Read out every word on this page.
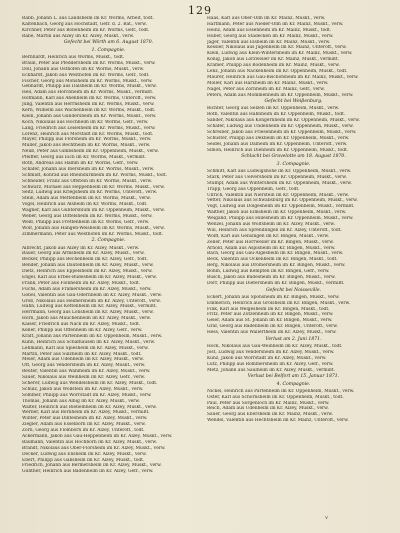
129
Rabb, Johann L. aus Landsheim im Kr. Worms, Arbeit, todt.
Kaltenbach, Georg aus Höchstädt, Gefr. d. 2. Bat., verw.
Kirchner, Peter aus Bobenheim im Kr. Worms, Gefr., todt.
Rabe, Martin aus Alzey im Kr. Alzey, Muskt., verw.
Gefecht bei Wörth am 6. August 1870.
1. Compagnie.
Bernhardt, Heinrich aus Worms, Muskt., todt.
Braun, Peter aus Pfeddersheim im Kr. Worms, Muskt., verw.
Doll, Johann aus Osthofen im Kr. Worms, Muskt., verw.
Eckhardt, Jakob aus Westhofen im Kr. Worms, Gefr., todt.
Fischer, Georg aus Monsheim im Kr. Worms, Muskt., verw.
Gebhardt, Philipp aus Dalsheim im Kr. Worms, Muskt., verw.
Heil, Adam aus Horchheim im Kr. Worms, Muskt., vermißt.
Hofmann, Karl aus Abenheim im Kr. Worms, Unteroff., verw.
Jung, Valentin aus Herrnsheim im Kr. Worms, Muskt., verw.
Kern, Wilhelm aus Wachenheim im Kr. Worms, Muskt., todt.
Klein, Johann aus Gundersheim im Kr. Worms, Muskt., verw.
Koch, Nikolaus aus Hochheim im Kr. Worms, Gefr., verw.
Lang, Friedrich aus Leiselheim im Kr. Worms, Muskt., verw.
Lorenz, Heinrich aus Mörstadt im Kr. Worms, Muskt., todt.
Mayer, Philipp aus Flörsheim im Kr. Worms, Muskt., verw.
Müller, Jakob aus Bechtheim im Kr. Worms, Muskt., verw.
Neuß, Peter aus Gimbsheim im Kr. Oppenheim, Muskt., verw.
Pfeiffer, Georg aus Eich im Kr. Worms, Muskt., vermißt.
Roth, Andreas aus Hamm im Kr. Worms, Gefr., verw.
Schäfer, Johann aus Ibersheim im Kr. Worms, Muskt., verw.
Schmidt, Konrad aus Rheindürkheim im Kr. Worms, Muskt., todt.
Schneider, Franz aus Offstein im Kr. Worms, Muskt., verw.
Schwarz, Michael aus Heppenheim im Kr. Worms, Muskt., verw.
Seitz, Ludwig aus Kriegsheim im Kr. Worms, Unteroff., verw.
Stein, Adam aus Mettenheim im Kr. Worms, Muskt., verw.
Vogel, Heinrich aus Alsheim im Kr. Worms, Muskt., todt.
Wagner, Karl aus Guntersblum im Kr. Oppenheim, Muskt., verw.
Weber, Georg aus Dittelsheim im Kr. Worms, Muskt., verw.
Weiß, Philipp aus Frettenheim im Kr. Worms, Gefr., verw.
Wolf, Johann aus Hangen-Weisheim im Kr. Worms, Muskt., verw.
Zimmermann, Peter aus Westhofen im Kr. Worms, Muskt., todt.
2. Compagnie.
Albrecht, Jakob aus Alzey im Kr. Alzey, Muskt., verw.
Bauer, Georg aus Armsheim im Kr. Alzey, Muskt., verw.
Becker, Philipp aus Bechenheim im Kr. Alzey, Gefr., todt.
Bender, Johann aus Dautenheim im Kr. Alzey, Muskt., verw.
Dietz, Heinrich aus Eppelsheim im Kr. Alzey, Muskt., verw.
Engel, Karl aus Erbes-Büdesheim im Kr. Alzey, Muskt., verw.
Frank, Peter aus Flonheim im Kr. Alzey, Muskt., todt.
Fuchs, Adam aus Framersheim im Kr. Alzey, Muskt., verw.
Göbel, Valentin aus Gau-Odernheim im Kr. Alzey, Muskt., verw.
Groß, Nikolaus aus Heimersheim im Kr. Alzey, Unteroff., verw.
Hahn, Ludwig aus Kettenheim im Kr. Alzey, Muskt., vermißt.
Herrmann, Georg aus Lonsheim im Kr. Alzey, Muskt., verw.
Horn, Jakob aus Mauchenheim im Kr. Alzey, Muskt., verw.
Kaiser, Friedrich aus Nack im Kr. Alzey, Muskt., todt.
Keller, Philipp aus Offenheim im Kr. Alzey, Gefr., verw.
Kraft, Johann aus Partenheim im Kr. Oppenheim, Muskt., verw.
Kühn, Heinrich aus Schafhausen im Kr. Alzey, Muskt., verw.
Lehmann, Karl aus Spiesheim im Kr. Alzey, Muskt., verw.
Martin, Peter aus Sulzheim im Kr. Alzey, Muskt., todt.
Meier, Adam aus Udenheim im Kr. Alzey, Muskt., verw.
Ott, Georg aus Vendersheim im Kr. Alzey, Muskt., verw.
Reuter, Valentin aus Wahlheim im Kr. Alzey, Muskt., verw.
Sauer, Nikolaus aus Weinheim im Kr. Alzey, Gefr., verw.
Scherer, Ludwig aus Wendelsheim im Kr. Alzey, Muskt., todt.
Schulz, Jakob aus Wöllstein im Kr. Alzey, Muskt., verw.
Sommer, Philipp aus Wörrstadt im Kr. Alzey, Muskt., verw.
Thomas, Johann aus Albig im Kr. Alzey, Muskt., verw.
Walter, Heinrich aus Biebelnheim im Kr. Alzey, Muskt., verw.
Werner, Karl aus Bornheim im Kr. Alzey, Muskt., vermißt.
Winter, Peter aus Dintesheim im Kr. Alzey, Muskt., verw.
Ziegler, Adam aus Esselborn im Kr. Alzey, Muskt., verw.
Zorn, Georg aus Flomborn im Kr. Alzey, Unteroff., todt.
Ackermann, Jakob aus Gau-Heppenheim im Kr. Alzey, Muskt., verw.
Baumann, Valentin aus Hochborn im Kr. Alzey, Muskt., verw.
Brandt, Nikolaus aus Ober-Flörsheim im Kr. Alzey, Muskt., verw.
Decker, Ludwig aus Ensheim im Kr. Alzey, Muskt., verw.
Ebert, Philipp aus Gabsheim im Kr. Alzey, Muskt., todt.
Friedrich, Johann aus Bermersheim im Kr. Alzey, Muskt., verw.
Günther, Heinrich aus Badenheim im Kr. Alzey, Gefr., verw.
Haas, Karl aus Ober-Olm im Kr. Mainz, Muskt., verw.
Hartmann, Peter aus Nieder-Olm im Kr. Mainz, Muskt., verw.
Heinz, Adam aus Essenheim im Kr. Mainz, Muskt., todt.
Huber, Georg aus Stadecken im Kr. Mainz, Muskt., verw.
Jäger, Valentin aus Elsheim im Kr. Mainz, Muskt., verw.
Kessler, Nikolaus aus Jugenheim im Kr. Mainz, Unteroff., verw.
Klein, Ludwig aus Klein-Winternheim im Kr. Mainz, Muskt., verw.
König, Jakob aus Lörzweiler im Kr. Mainz, Muskt., vermißt.
Krämer, Philipp aus Bodenheim im Kr. Mainz, Muskt., verw.
Lenz, Johann aus Nackenheim im Kr. Oppenheim, Muskt., todt.
Maurer, Heinrich aus Gau-Bischofsheim im Kr. Mainz, Muskt., verw.
Möller, Karl aus Harxheim im Kr. Mainz, Muskt., verw.
Nagel, Peter aus Zornheim im Kr. Mainz, Gefr., verw.
Peters, Adam aus Mommenheim im Kr. Oppenheim, Muskt., verw.
Gefecht bei Weißenburg.
Richter, Georg aus Selzen im Kr. Oppenheim, Muskt., verw.
Roth, Valentin aus Hahnheim im Kr. Oppenheim, Muskt., todt.
Sander, Nikolaus aus Köngernheim im Kr. Oppenheim, Muskt., verw.
Schäfer, Ludwig aus Undenheim im Kr. Oppenheim, Muskt., verw.
Schreiber, Jakob aus Friesenheim im Kr. Oppenheim, Muskt., verw.
Schuster, Philipp aus Dexheim im Kr. Oppenheim, Muskt., verw.
Seidel, Johann aus Dalheim im Kr. Oppenheim, Unteroff., verw.
Simon, Heinrich aus Dienheim im Kr. Oppenheim, Muskt., todt.
Schlacht bei Gravelotte am 18. August 1870.
3. Compagnie.
Schmitt, Karl aus Ludwigshöhe im Kr. Oppenheim, Muskt., verw.
Stark, Peter aus Uelversheim im Kr. Oppenheim, Muskt., verw.
Stumpf, Adam aus Wintersheim im Kr. Oppenheim, Muskt., verw.
Trapp, Georg aus Oppenheim, Gefr., todt.
Ullrich, Valentin aus Nierstein im Kr. Oppenheim, Muskt., verw.
Vetter, Nikolaus aus Schwabsburg im Kr. Oppenheim, Muskt., verw.
Vogt, Ludwig aus Dolgesheim im Kr. Oppenheim, Muskt., vermißt.
Walther, Jakob aus Eimsheim im Kr. Oppenheim, Muskt., verw.
Weigand, Philipp aus Hillesheim im Kr. Oppenheim, Muskt., verw.
Wenzel, Johann aus Wolfsheim im Kr. Alzey, Muskt., verw.
Will, Heinrich aus Sprendlingen im Kr. Alzey, Unteroff., todt.
Wolff, Karl aus Gensingen im Kr. Bingen, Muskt., verw.
Zeller, Peter aus Horrweiler im Kr. Bingen, Muskt., verw.
Arnold, Adam aus Aspisheim im Kr. Bingen, Muskt., verw.
Bach, Georg aus Gau-Algesheim im Kr. Bingen, Muskt., verw.
Beck, Valentin aus Ockenheim im Kr. Bingen, Muskt., todt.
Berg, Nikolaus aus Dromersheim im Kr. Bingen, Muskt., verw.
Böhm, Ludwig aus Kempten im Kr. Bingen, Gefr., verw.
Busch, Jakob aus Büdesheim im Kr. Bingen, Muskt., verw.
Dörr, Philipp aus Dietersheim im Kr. Bingen, Muskt., vermißt.
Gefecht bei Noisseville.
Eckert, Johann aus Sponsheim im Kr. Bingen, Muskt., verw.
Emmerich, Heinrich aus Grolsheim im Kr. Bingen, Muskt., verw.
Fink, Karl aus Welgesheim im Kr. Bingen, Muskt., todt.
Fritz, Peter aus Zotzenheim im Kr. Bingen, Muskt., verw.
Geier, Adam aus St. Johann im Kr. Bingen, Muskt., verw.
Graf, Georg aus Badenheim im Kr. Bingen, Unteroff., verw.
Hess, Valentin aus Wallertheim im Kr. Alzey, Muskt., verw.
Verlust am 2. Juni 1871.
Hock, Nikolaus aus Gau-Weinheim im Kr. Alzey, Muskt., todt.
Jost, Ludwig aus Vendersheim im Kr. Alzey, Muskt., verw.
Kunz, Jakob aus Wörrstadt im Kr. Alzey, Muskt., verw.
Lutz, Philipp aus Rommersheim im Kr. Alzey, Gefr., verw.
Metz, Johann aus Saulheim im Kr. Alzey, Muskt., vermißt.
Verlust bei Belfort am 15. Januar 1871.
4. Compagnie.
Nickel, Heinrich aus Partenheim im Kr. Oppenheim, Muskt., verw.
Oster, Karl aus Schornsheim im Kr. Oppenheim, Muskt., todt.
Paul, Peter aus Sörgenloch im Kr. Mainz, Muskt., verw.
Reich, Adam aus Udenheim im Kr. Alzey, Muskt., verw.
Sauer, Georg aus Ebersheim im Kr. Mainz, Muskt., verw.
Wendel, Valentin aus Hechtsheim im Kr. Mainz, Unteroff., verw.
v
